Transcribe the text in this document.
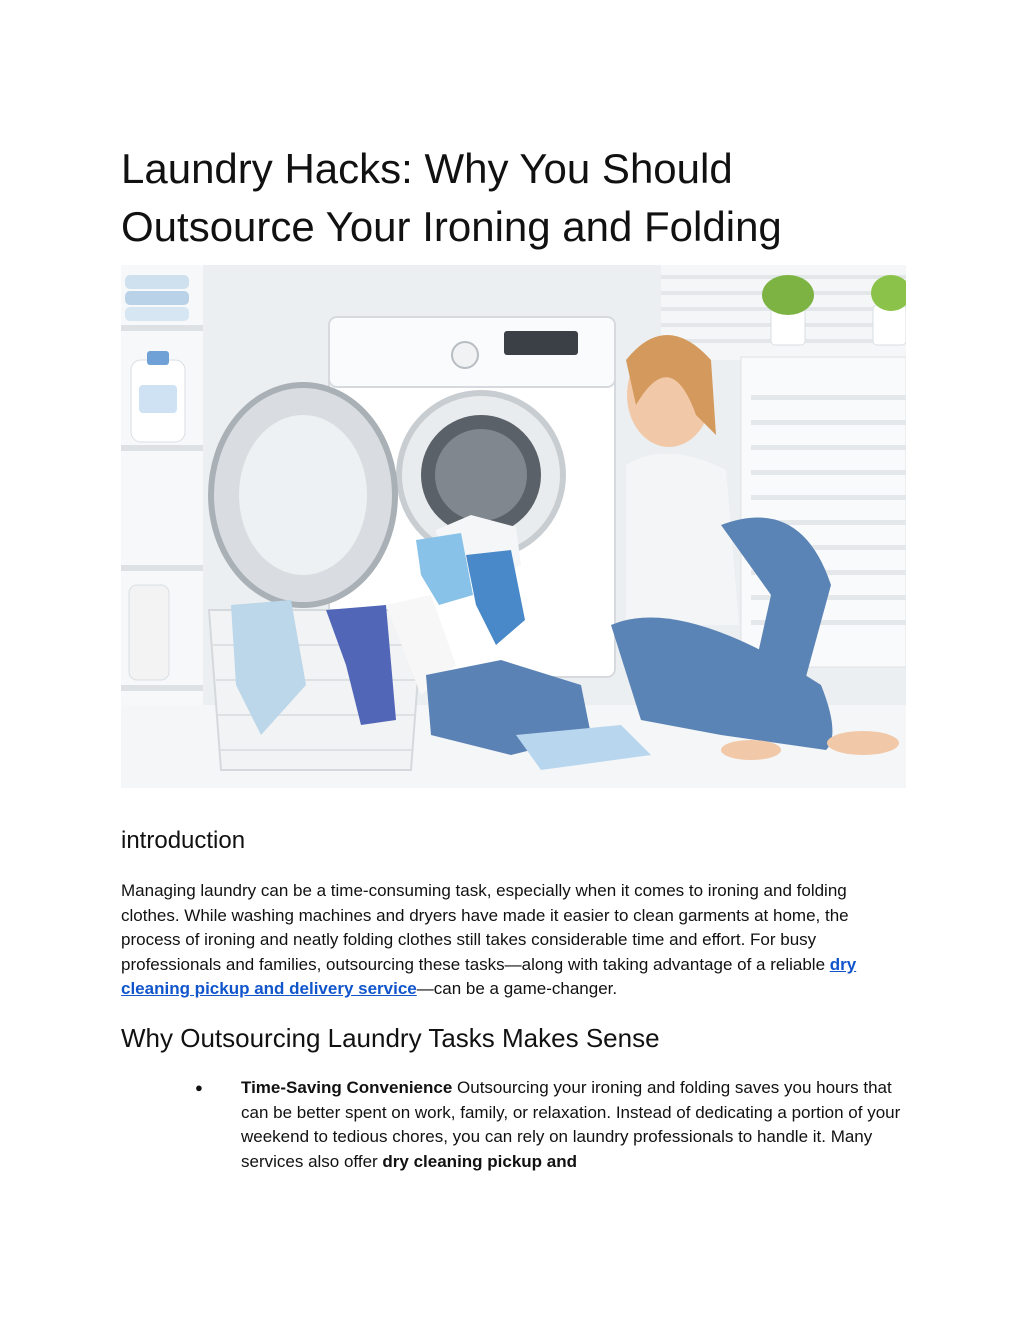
Laundry Hacks: Why You Should Outsource Your Ironing and Folding
introduction

Managing laundry can be a time-consuming task, especially when it comes to ironing and folding clothes. While washing machines and dryers have made it easier to clean garments at home, the process of ironing and neatly folding clothes still takes considerable time and effort. For busy professionals and families, outsourcing these tasks—along with taking advantage of a reliable dry cleaning pickup and delivery service—can be a game-changer.

Why Outsourcing Laundry Tasks Makes Sense
● Time-Saving Convenience Outsourcing your ironing and folding saves you hours that can be better spent on work, family, or relaxation. Instead of dedicating a portion of your weekend to tedious chores, you can rely on laundry professionals to handle it. Many services also offer dry cleaning pickup and
